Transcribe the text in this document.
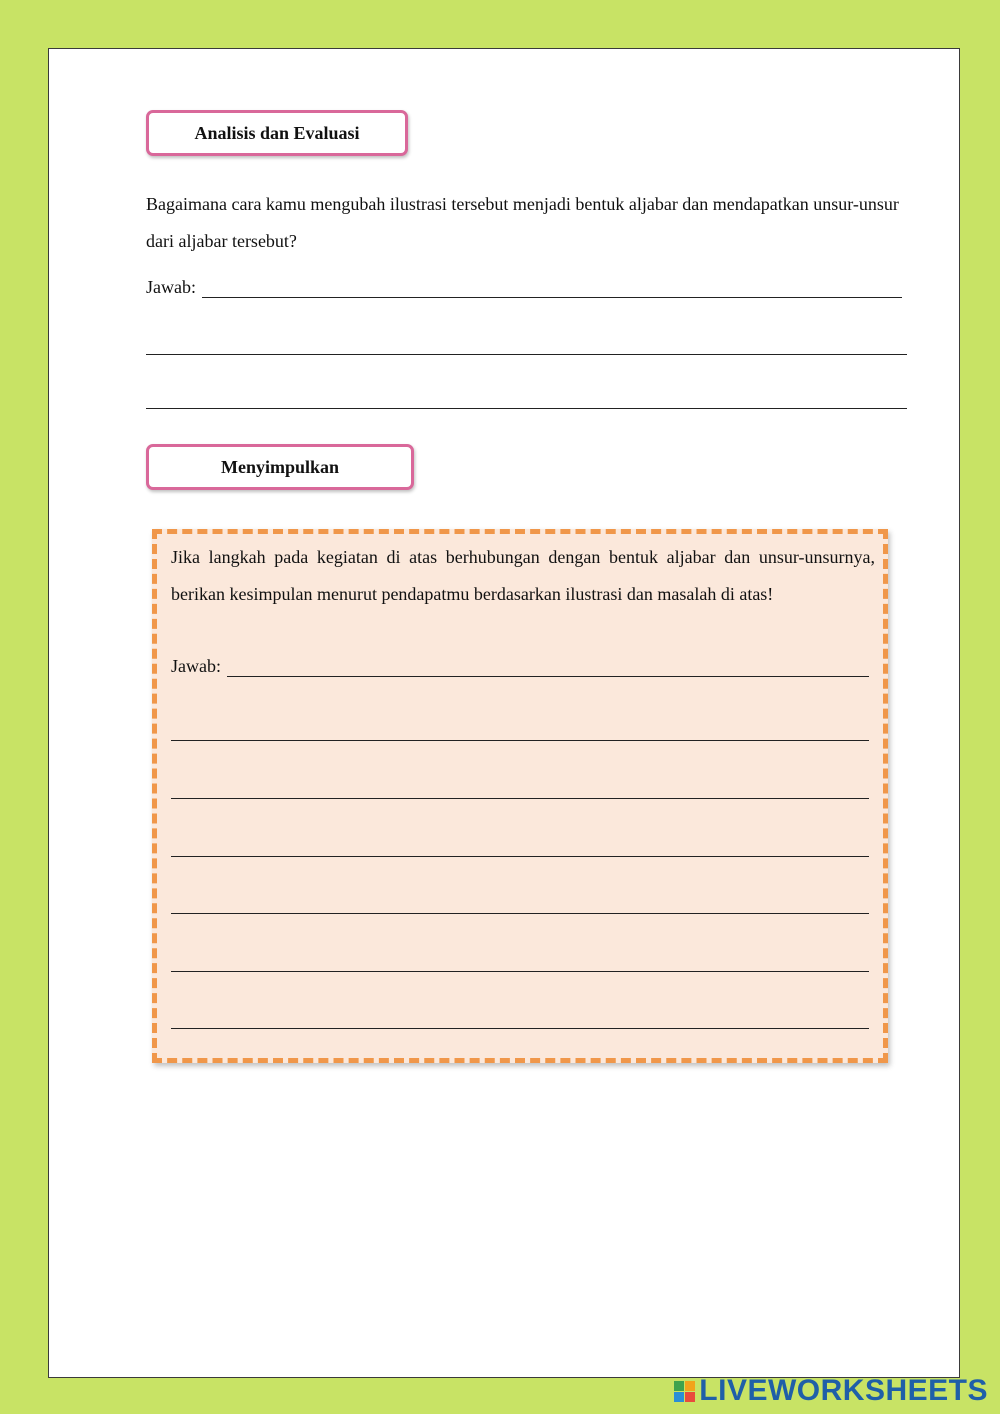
Analisis dan Evaluasi
Bagaimana cara kamu mengubah ilustrasi tersebut menjadi bentuk aljabar dan mendapatkan unsur-unsur dari aljabar tersebut?
Jawab:
Menyimpulkan
Jika langkah pada kegiatan di atas berhubungan dengan bentuk aljabar dan unsur-unsurnya, berikan kesimpulan menurut pendapatmu berdasarkan ilustrasi dan masalah di atas!
Jawab:
LIVEWORKSHEETS
